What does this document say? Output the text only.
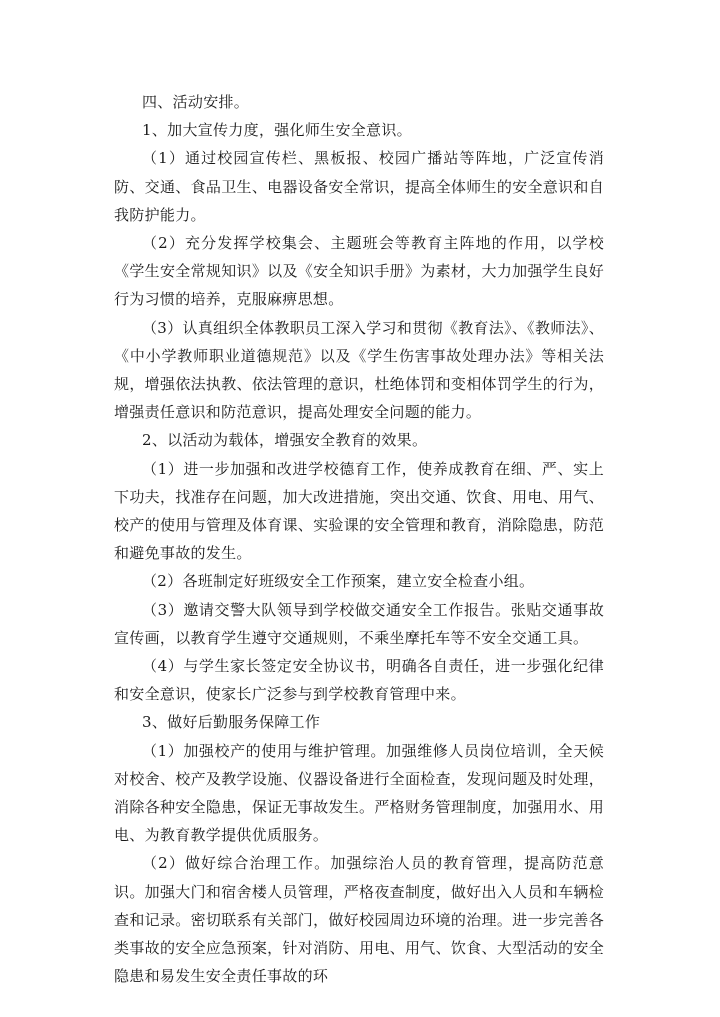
四、活动安排。

1、加大宣传力度，强化师生安全意识。

（1）通过校园宣传栏、黑板报、校园广播站等阵地，广泛宣传消防、交通、食品卫生、电器设备安全常识，提高全体师生的安全意识和自我防护能力。

（2）充分发挥学校集会、主题班会等教育主阵地的作用，以学校《学生安全常规知识》以及《安全知识手册》为素材，大力加强学生良好行为习惯的培养，克服麻痹思想。

（3）认真组织全体教职员工深入学习和贯彻《教育法》、《教师法》、《中小学教师职业道德规范》以及《学生伤害事故处理办法》等相关法规，增强依法执教、依法管理的意识，杜绝体罚和变相体罚学生的行为，增强责任意识和防范意识，提高处理安全问题的能力。

2、以活动为载体，增强安全教育的效果。

（1）进一步加强和改进学校德育工作，使养成教育在细、严、实上下功夫，找准存在问题，加大改进措施，突出交通、饮食、用电、用气、校产的使用与管理及体育课、实验课的安全管理和教育，消除隐患，防范和避免事故的发生。

（2）各班制定好班级安全工作预案，建立安全检查小组。

（3）邀请交警大队领导到学校做交通安全工作报告。张贴交通事故宣传画，以教育学生遵守交通规则，不乘坐摩托车等不安全交通工具。

（4）与学生家长签定安全协议书，明确各自责任，进一步强化纪律和安全意识，使家长广泛参与到学校教育管理中来。

3、做好后勤服务保障工作

（1）加强校产的使用与维护管理。加强维修人员岗位培训，全天候对校舍、校产及教学设施、仪器设备进行全面检查，发现问题及时处理，消除各种安全隐患，保证无事故发生。严格财务管理制度，加强用水、用电、为教育教学提供优质服务。

（2）做好综合治理工作。加强综治人员的教育管理，提高防范意识。加强大门和宿舍楼人员管理，严格夜查制度，做好出入人员和车辆检查和记录。密切联系有关部门，做好校园周边环境的治理。进一步完善各类事故的安全应急预案，针对消防、用电、用气、饮食、大型活动的安全隐患和易发生安全责任事故的环
